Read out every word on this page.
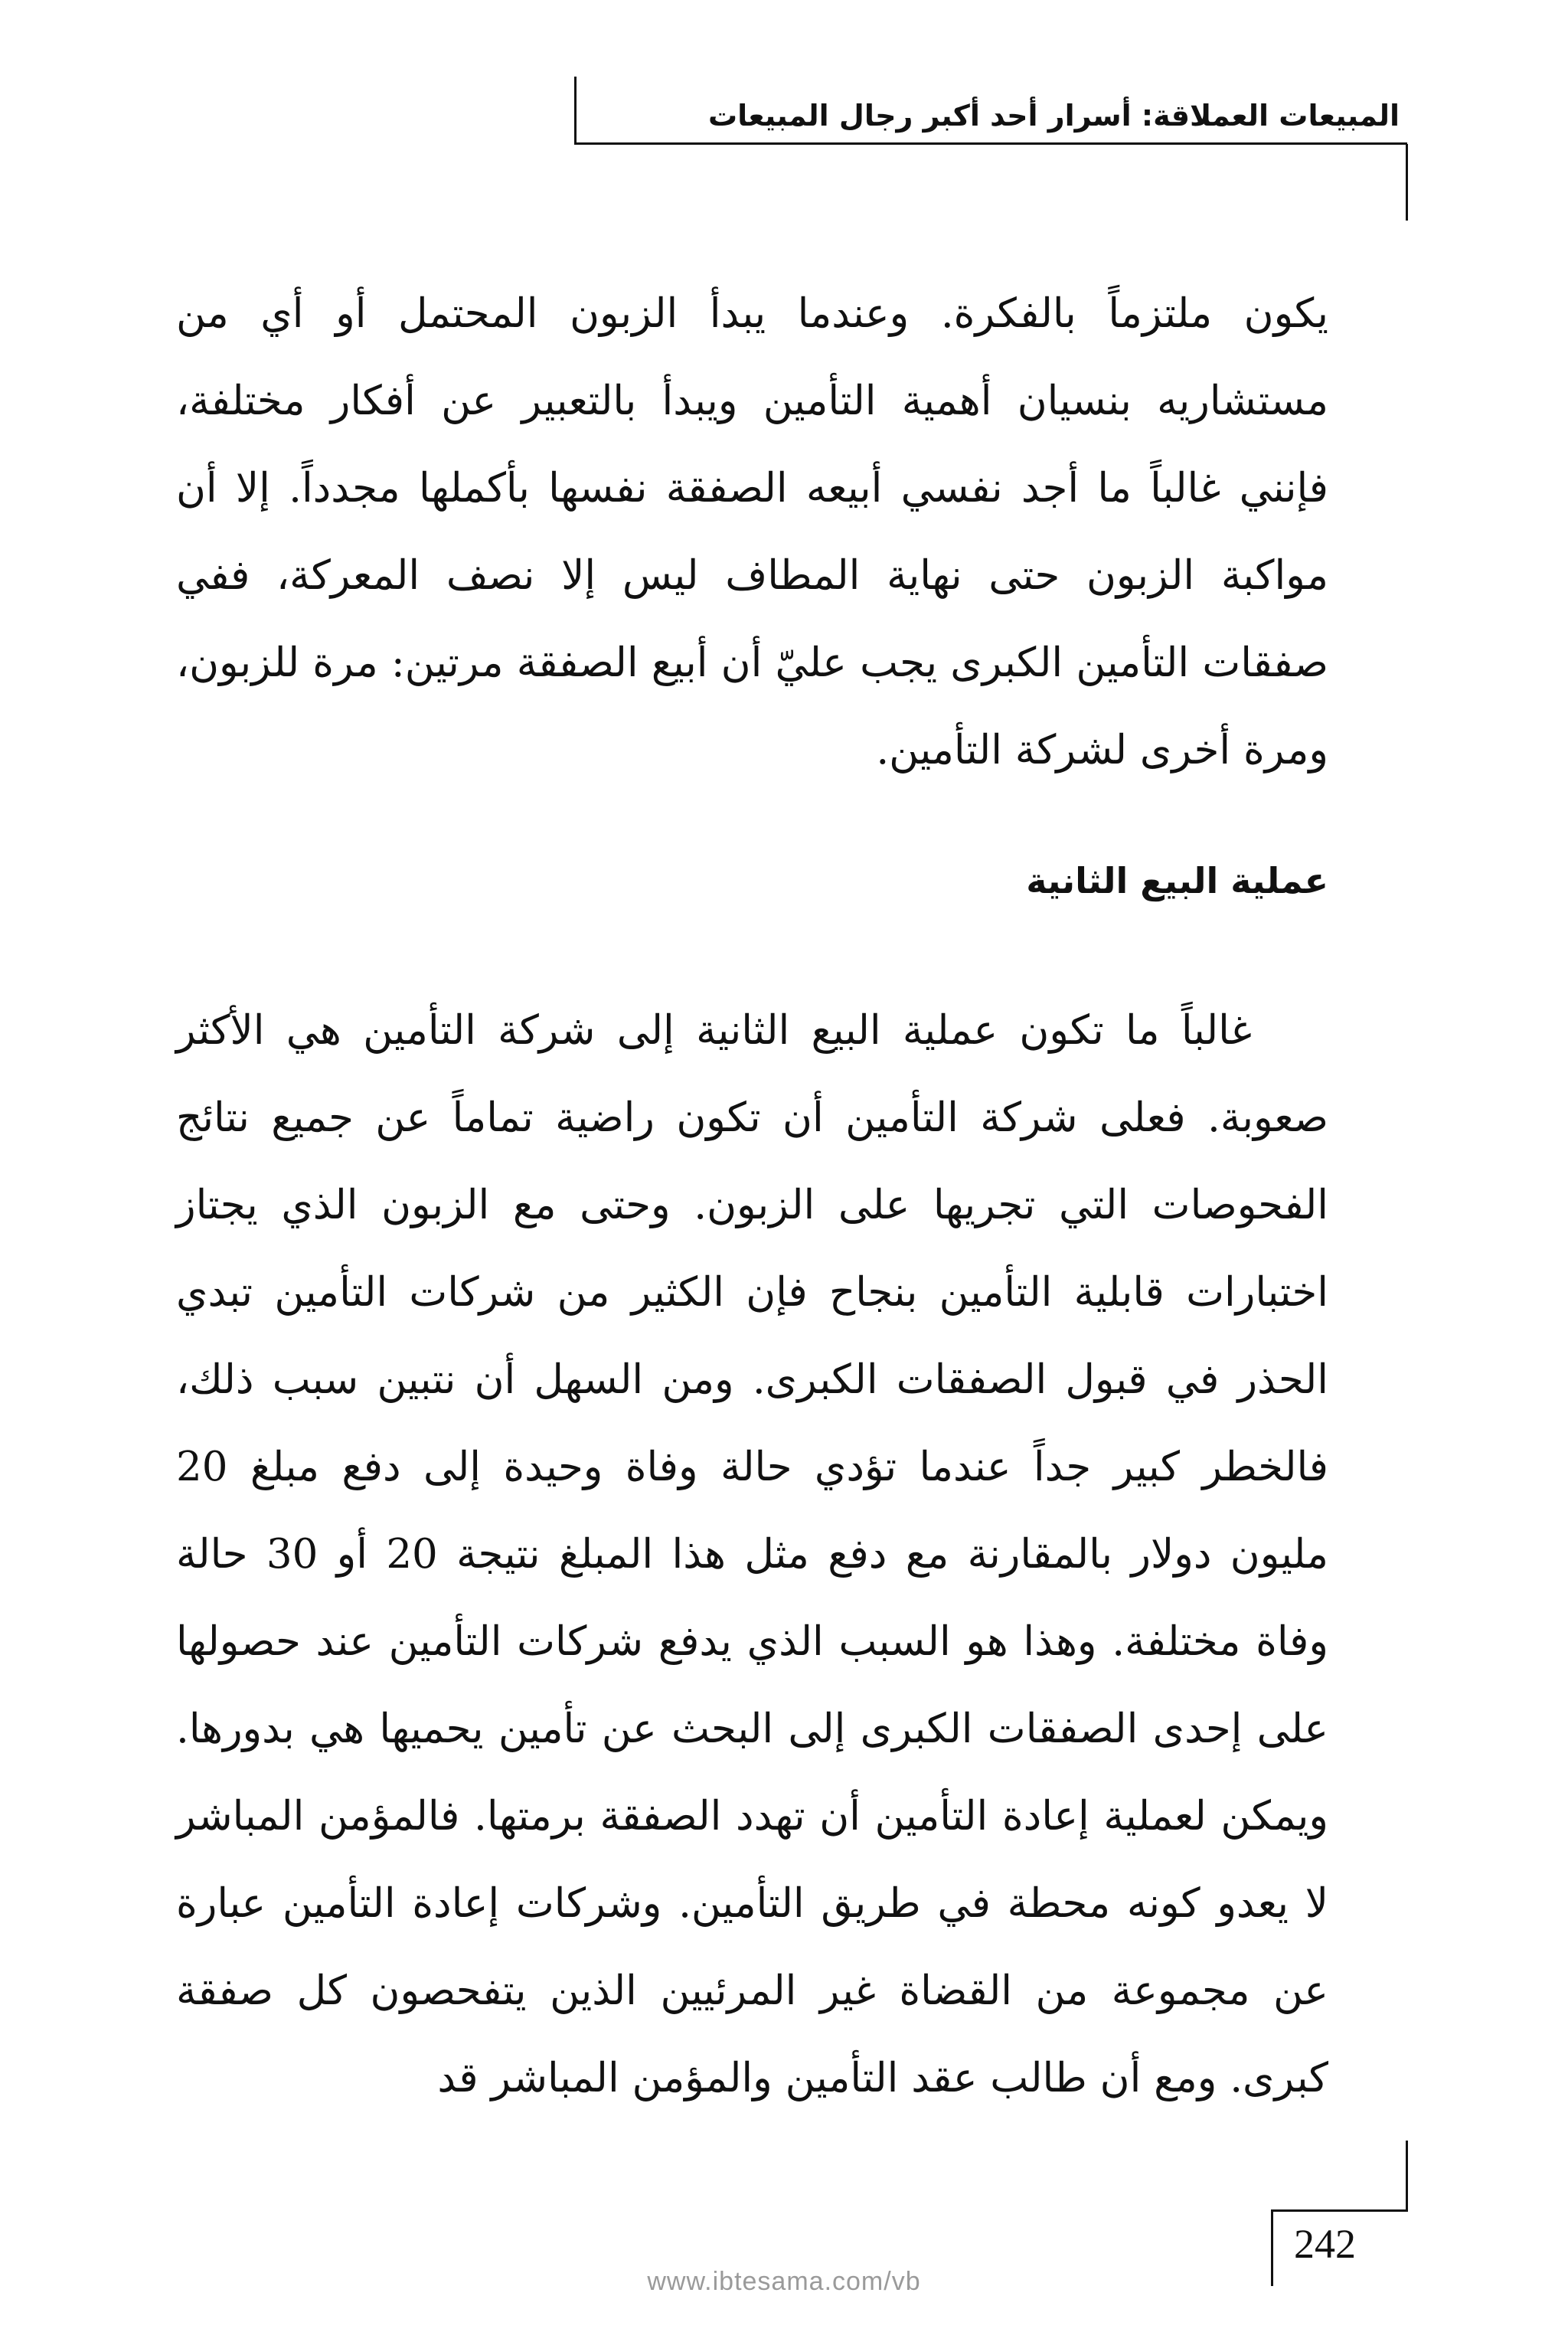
المبيعات العملاقة: أسرار أحد أكبر رجال المبيعات

يكون ملتزماً بالفكرة. وعندما يبدأ الزبون المحتمل أو أي من مستشاريه بنسيان أهمية التأمين ويبدأ بالتعبير عن أفكار مختلفة، فإنني غالباً ما أجد نفسي أبيعه الصفقة نفسها بأكملها مجدداً. إلا أن مواكبة الزبون حتى نهاية المطاف ليس إلا نصف المعركة، ففي صفقات التأمين الكبرى يجب عليّ أن أبيع الصفقة مرتين: مرة للزبون، ومرة أخرى لشركة التأمين.

عملية البيع الثانية

غالباً ما تكون عملية البيع الثانية إلى شركة التأمين هي الأكثر صعوبة. فعلى شركة التأمين أن تكون راضية تماماً عن جميع نتائج الفحوصات التي تجريها على الزبون. وحتى مع الزبون الذي يجتاز اختبارات قابلية التأمين بنجاح فإن الكثير من شركات التأمين تبدي الحذر في قبول الصفقات الكبرى. ومن السهل أن نتبين سبب ذلك، فالخطر كبير جداً عندما تؤدي حالة وفاة وحيدة إلى دفع مبلغ 20 مليون دولار بالمقارنة مع دفع مثل هذا المبلغ نتيجة 20 أو 30 حالة وفاة مختلفة. وهذا هو السبب الذي يدفع شركات التأمين عند حصولها على إحدى الصفقات الكبرى إلى البحث عن تأمين يحميها هي بدورها. ويمكن لعملية إعادة التأمين أن تهدد الصفقة برمتها. فالمؤمن المباشر لا يعدو كونه محطة في طريق التأمين. وشركات إعادة التأمين عبارة عن مجموعة من القضاة غير المرئيين الذين يتفحصون كل صفقة كبرى. ومع أن طالب عقد التأمين والمؤمن المباشر قد

242
www.ibtesama.com/vb
